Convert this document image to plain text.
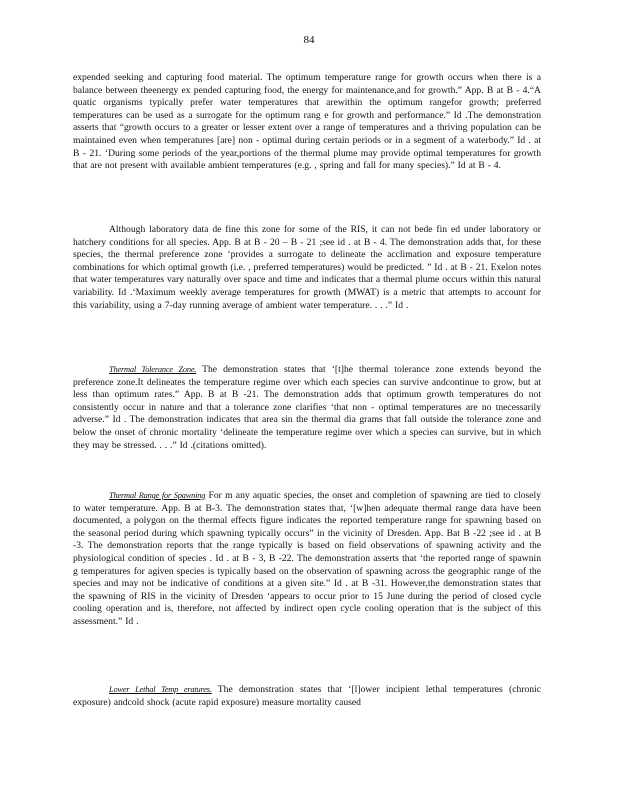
84

expended seeking and capturing food material. The optimum temperature range for growth occurs when there is a balance between theenergy ex pended capturing food, the energy for maintenance,and for growth.” App. B at B - 4.“A quatic organisms typically prefer water temperatures that arewithin the optimum rangefor growth; preferred temperatures can be used as a surrogate for the optimum rang e for growth and performance.” Id .The demonstration asserts that “growth occurs to a greater or lesser extent over a range of temperatures and a thriving population can be maintained even when temperatures [are] non - optimal during certain periods or in a segment of a waterbody.” Id . at B - 21. ‘During some periods of the year,portions of the thermal plume may provide optimal temperatures for growth that are not present with available ambient temperatures (e.g. , spring and fall for many species).” Id at B - 4.

Although laboratory data de fine this zone for some of the RIS, it can not bede fin ed under laboratory or hatchery conditions for all species. App. B at B - 20 – B - 21 ;see id . at B - 4. The demonstration adds that, for these species, the thermal preference zone ‘provides a surrogate to delineate the acclimation and exposure temperature combinations for which optimal growth (i.e. , preferred temperatures) would be predicted. ” Id . at B - 21. Exelon notes that water temperatures vary naturally over space and time and indicates that a thermal plume occurs within this natural variability. Id .‘Maximum weekly average temperatures for growth (MWAT) is a metric that attempts to account for this variability, using a 7-day running average of ambient water temperature. . . .” Id .

Thermal Tolerance Zone. The demonstration states that ‘[t]he thermal tolerance zone extends beyond the preference zone.It delineates the temperature regime over which each species can survive andcontinue to grow, but at less than optimum rates.” App. B at B -21. The demonstration adds that optimum growth temperatures do not consistently occur in nature and that a tolerance zone clarifies ‘that non - optimal temperatures are no tnecessarily adverse.” Id . The demonstration indicates that area sin the thermal dia grams that fall outside the tolerance zone and below the onset of chronic mortality ‘delineate the temperature regime over which a species can survive, but in which they may be stressed. . . .” Id .(citations omitted).

Thermal Range for Spawning For m any aquatic species, the onset and completion of spawning are tied to closely to water temperature. App. B at B-3. The demonstration states that, ‘[w]hen adequate thermal range data have been documented, a polygon on the thermal effects figure indicates the reported temperature range for spawning based on the seasonal period during which spawning typically occurs” in the vicinity of Dresden. App. Bat B -22 ;see id . at B -3. The demonstration reports that the range typically is based on field observations of spawning activity and the physiological condition of species . Id . at B - 3, B -22. The demonstration asserts that ‘the reported range of spawnin g temperatures for agiven species is typically based on the observation of spawning across the geographic range of the species and may not be indicative of conditions at a given site.” Id . at B -31. However,the demonstration states that the spawning of RIS in the vicinity of Dresden ‘appears to occur prior to 15 June during the period of closed cycle cooling operation and is, therefore, not affected by indirect open cycle cooling operation that is the subject of this assessment.” Id .

Lower Lethal Temp eratures. The demonstration states that ‘[l]ower incipient lethal temperatures (chronic exposure) andcold shock (acute rapid exposure) measure mortality caused
